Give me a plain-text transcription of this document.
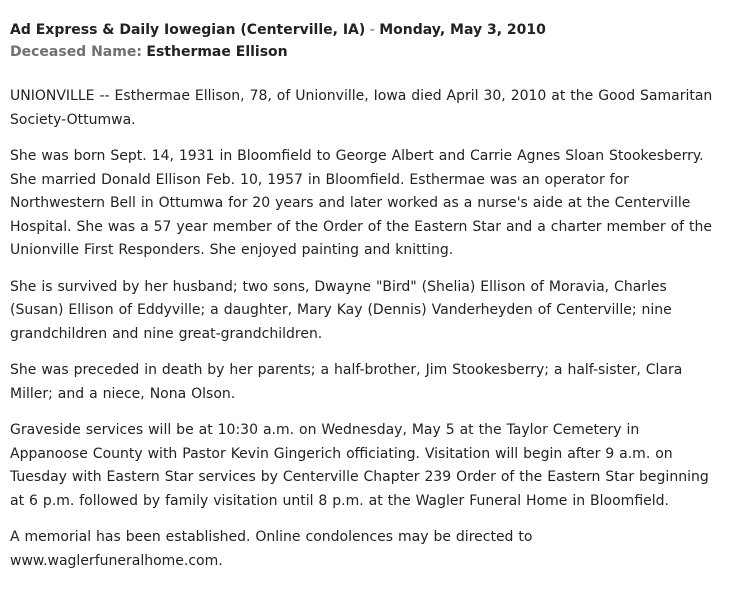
Ad Express & Daily Iowegian (Centerville, IA) - Monday, May 3, 2010

Deceased Name: Esthermae Ellison

UNIONVILLE -- Esthermae Ellison, 78, of Unionville, Iowa died April 30, 2010 at the Good Samaritan Society-Ottumwa.

She was born Sept. 14, 1931 in Bloomfield to George Albert and Carrie Agnes Sloan Stookesberry. She married Donald Ellison Feb. 10, 1957 in Bloomfield. Esthermae was an operator for Northwestern Bell in Ottumwa for 20 years and later worked as a nurse's aide at the Centerville Hospital. She was a 57 year member of the Order of the Eastern Star and a charter member of the Unionville First Responders. She enjoyed painting and knitting.

She is survived by her husband; two sons, Dwayne "Bird" (Shelia) Ellison of Moravia, Charles (Susan) Ellison of Eddyville; a daughter, Mary Kay (Dennis) Vanderheyden of Centerville; nine grandchildren and nine great-grandchildren.

She was preceded in death by her parents; a half-brother, Jim Stookesberry; a half-sister, Clara Miller; and a niece, Nona Olson.

Graveside services will be at 10:30 a.m. on Wednesday, May 5 at the Taylor Cemetery in Appanoose County with Pastor Kevin Gingerich officiating. Visitation will begin after 9 a.m. on Tuesday with Eastern Star services by Centerville Chapter 239 Order of the Eastern Star beginning at 6 p.m. followed by family visitation until 8 p.m. at the Wagler Funeral Home in Bloomfield.

A memorial has been established. Online condolences may be directed to www.waglerfuneralhome.com.
